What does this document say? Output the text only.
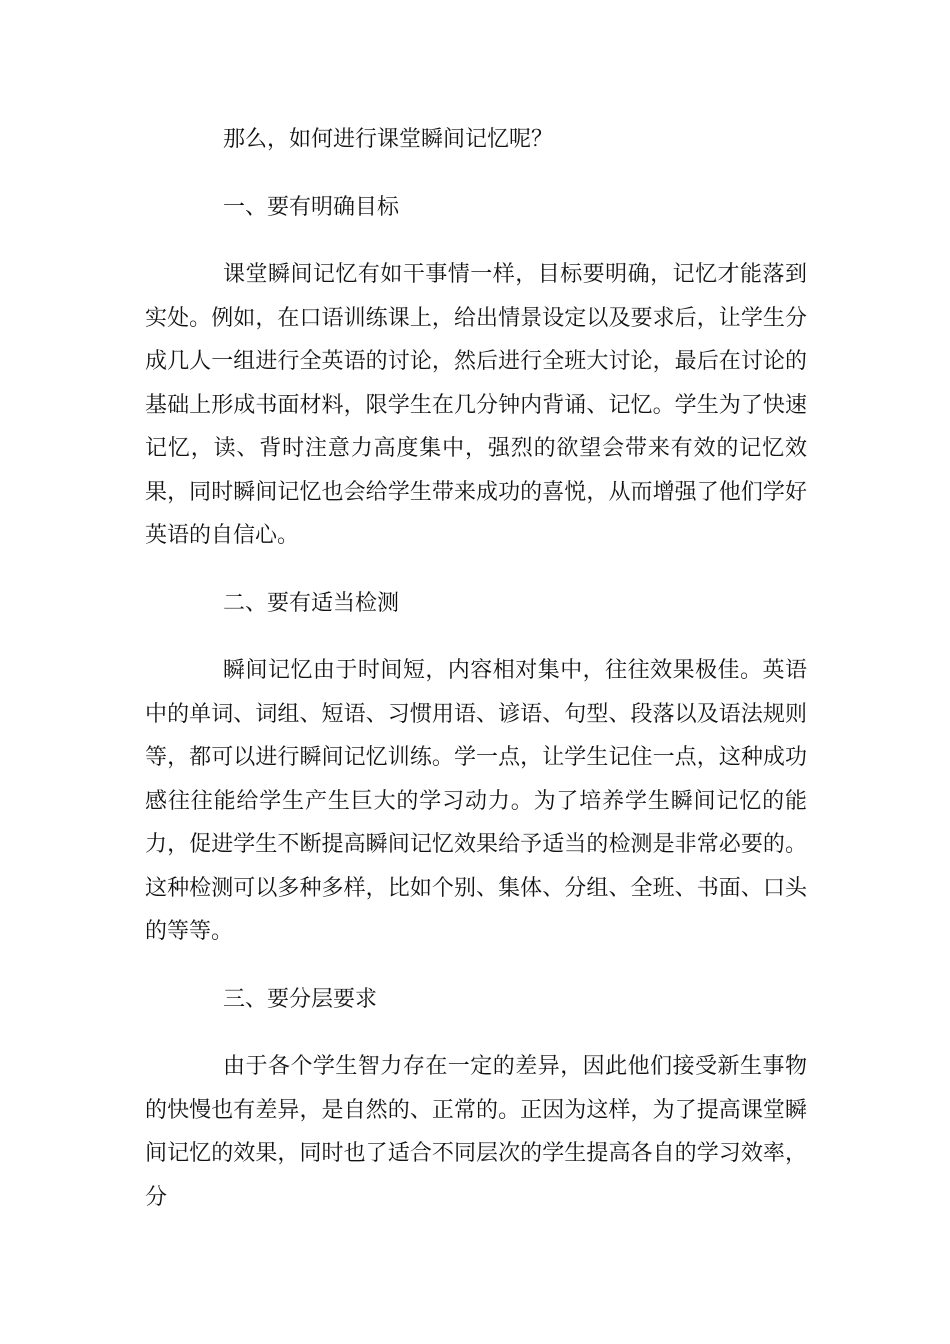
那么，如何进行课堂瞬间记忆呢？

一、要有明确目标

课堂瞬间记忆有如干事情一样，目标要明确，记忆才能落到实处。例如，在口语训练课上，给出情景设定以及要求后，让学生分成几人一组进行全英语的讨论，然后进行全班大讨论，最后在讨论的基础上形成书面材料，限学生在几分钟内背诵、记忆。学生为了快速记忆，读、背时注意力高度集中，强烈的欲望会带来有效的记忆效果，同时瞬间记忆也会给学生带来成功的喜悦，从而增强了他们学好英语的自信心。

二、要有适当检测

瞬间记忆由于时间短，内容相对集中，往往效果极佳。英语中的单词、词组、短语、习惯用语、谚语、句型、段落以及语法规则等，都可以进行瞬间记忆训练。学一点，让学生记住一点，这种成功感往往能给学生产生巨大的学习动力。为了培养学生瞬间记忆的能力，促进学生不断提高瞬间记忆效果给予适当的检测是非常必要的。这种检测可以多种多样，比如个别、集体、分组、全班、书面、口头的等等。

三、要分层要求

由于各个学生智力存在一定的差异，因此他们接受新生事物的快慢也有差异，是自然的、正常的。正因为这样，为了提高课堂瞬间记忆的效果，同时也了适合不同层次的学生提高各自的学习效率，分
